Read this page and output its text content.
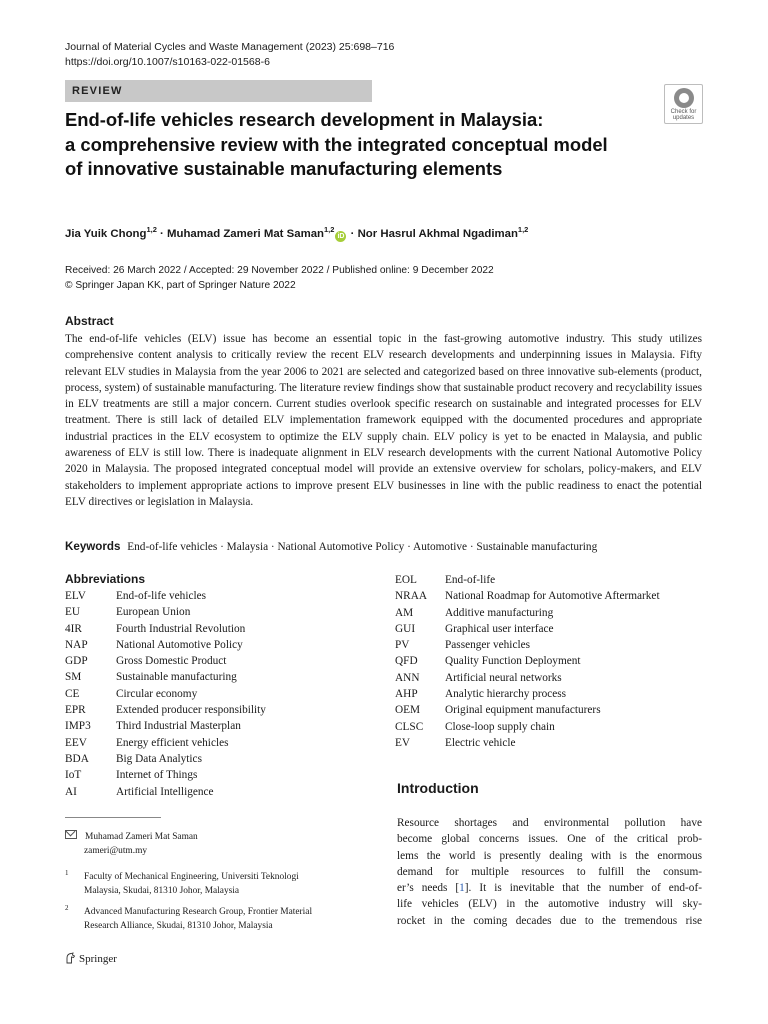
Journal of Material Cycles and Waste Management (2023) 25:698–716
https://doi.org/10.1007/s10163-022-01568-6
REVIEW
Check for
updates
End-of-life vehicles research development in Malaysia:
a comprehensive review with the integrated conceptual model
of innovative sustainable manufacturing elements
Jia Yuik Chong$^{1,2}$ · Muhamad Zameri Mat Saman$^{1,2}$iD · Nor Hasrul Akhmal Ngadiman$^{1,2}$
Received: 26 March 2022 / Accepted: 29 November 2022 / Published online: 9 December 2022
© Springer Japan KK, part of Springer Nature 2022
Abstract
The end-of-life vehicles (ELV) issue has become an essential topic in the fast-growing automotive industry. This study utilizes comprehensive content analysis to critically review the recent ELV research developments and underpinning issues in Malaysia. Fifty relevant ELV studies in Malaysia from the year 2006 to 2021 are selected and categorized based on three innovative sub-elements (product, process, system) of sustainable manufacturing. The literature review findings show that sustainable product recovery and recyclability issues in ELV treatments are still a major concern. Current studies overlook specific research on sustainable and integrated processes for ELV treatment. There is still lack of detailed ELV implementation framework equipped with the documented procedures and appropriate industrial practices in the ELV ecosystem to optimize the ELV supply chain. ELV policy is yet to be enacted in Malaysia, and public awareness of ELV is still low. There is inadequate alignment in ELV research developments with the current National Automotive Policy 2020 in Malaysia. The proposed integrated conceptual model will provide an extensive overview for scholars, policy-makers, and ELV stakeholders to implement appropriate actions to improve present ELV businesses in line with the public readiness to enact the potential ELV directives or legislation in Malaysia.
Keywords End-of-life vehicles · Malaysia · National Automotive Policy · Automotive · Sustainable manufacturing
Abbreviations
ELV	End-of-life vehicles
EU	European Union
4IR	Fourth Industrial Revolution
NAP	National Automotive Policy
GDP	Gross Domestic Product
SM	Sustainable manufacturing
CE	Circular economy
EPR	Extended producer responsibility
IMP3 Third Industrial Masterplan
EEV	Energy efficient vehicles
BDA Big Data Analytics
IoT	Internet of Things
AI	Artificial Intelligence
EOL End-of-life
NRAA National Roadmap for Automotive Aftermarket
AM	Additive manufacturing
GUI	Graphical user interface
PV	Passenger vehicles
QFD Quality Function Deployment
ANN Artificial neural networks
AHP Analytic hierarchy process
OEM Original equipment manufacturers
CLSC Close-loop supply chain
EV	Electric vehicle
Introduction
Resource shortages and environmental pollution have
become global concerns issues. One of the critical prob-
lems the world is presently dealing with is the enormous
demand for multiple resources to fulfill the consum-
er’s needs [1]. It is inevitable that the number of end-of-
life vehicles (ELV) in the automotive industry will sky-
rocket in the coming decades due to the tremendous rise
Muhamad Zameri Mat Saman
zameri@utm.my
$^1$ Faculty of Mechanical Engineering, Universiti Teknologi
Malaysia, Skudai, 81310 Johor, Malaysia
$^2$ Advanced Manufacturing Research Group, Frontier Material
Research Alliance, Skudai, 81310 Johor, Malaysia
Springer
